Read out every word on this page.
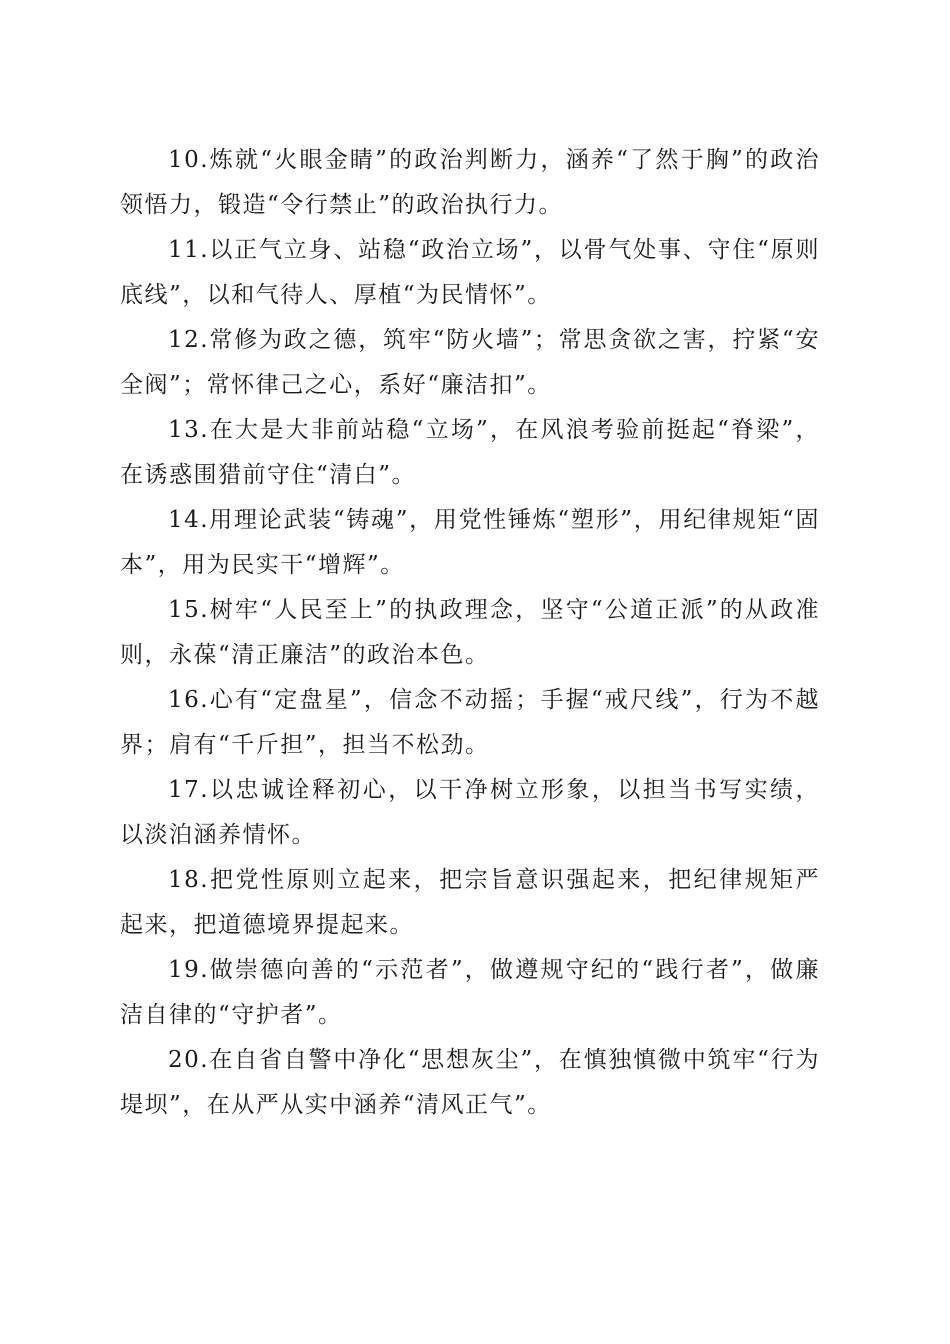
10.炼就“火眼金睛”的政治判断力，涵养“了然于胸”的政治领悟力，锻造“令行禁止”的政治执行力。

11.以正气立身、站稳“政治立场”，以骨气处事、守住“原则底线”，以和气待人、厚植“为民情怀”。

12.常修为政之德，筑牢“防火墙”；常思贪欲之害，拧紧“安全阀”；常怀律己之心，系好“廉洁扣”。

13.在大是大非前站稳“立场”，在风浪考验前挺起“脊梁”，在诱惑围猎前守住“清白”。

14.用理论武装“铸魂”，用党性锤炼“塑形”，用纪律规矩“固本”，用为民实干“增辉”。

15.树牢“人民至上”的执政理念，坚守“公道正派”的从政准则，永葆“清正廉洁”的政治本色。

16.心有“定盘星”，信念不动摇；手握“戒尺线”，行为不越界；肩有“千斤担”，担当不松劲。

17.以忠诚诠释初心，以干净树立形象，以担当书写实绩，以淡泊涵养情怀。

18.把党性原则立起来，把宗旨意识强起来，把纪律规矩严起来，把道德境界提起来。

19.做崇德向善的“示范者”，做遵规守纪的“践行者”，做廉洁自律的“守护者”。

20.在自省自警中净化“思想灰尘”，在慎独慎微中筑牢“行为堤坝”，在从严从实中涵养“清风正气”。
